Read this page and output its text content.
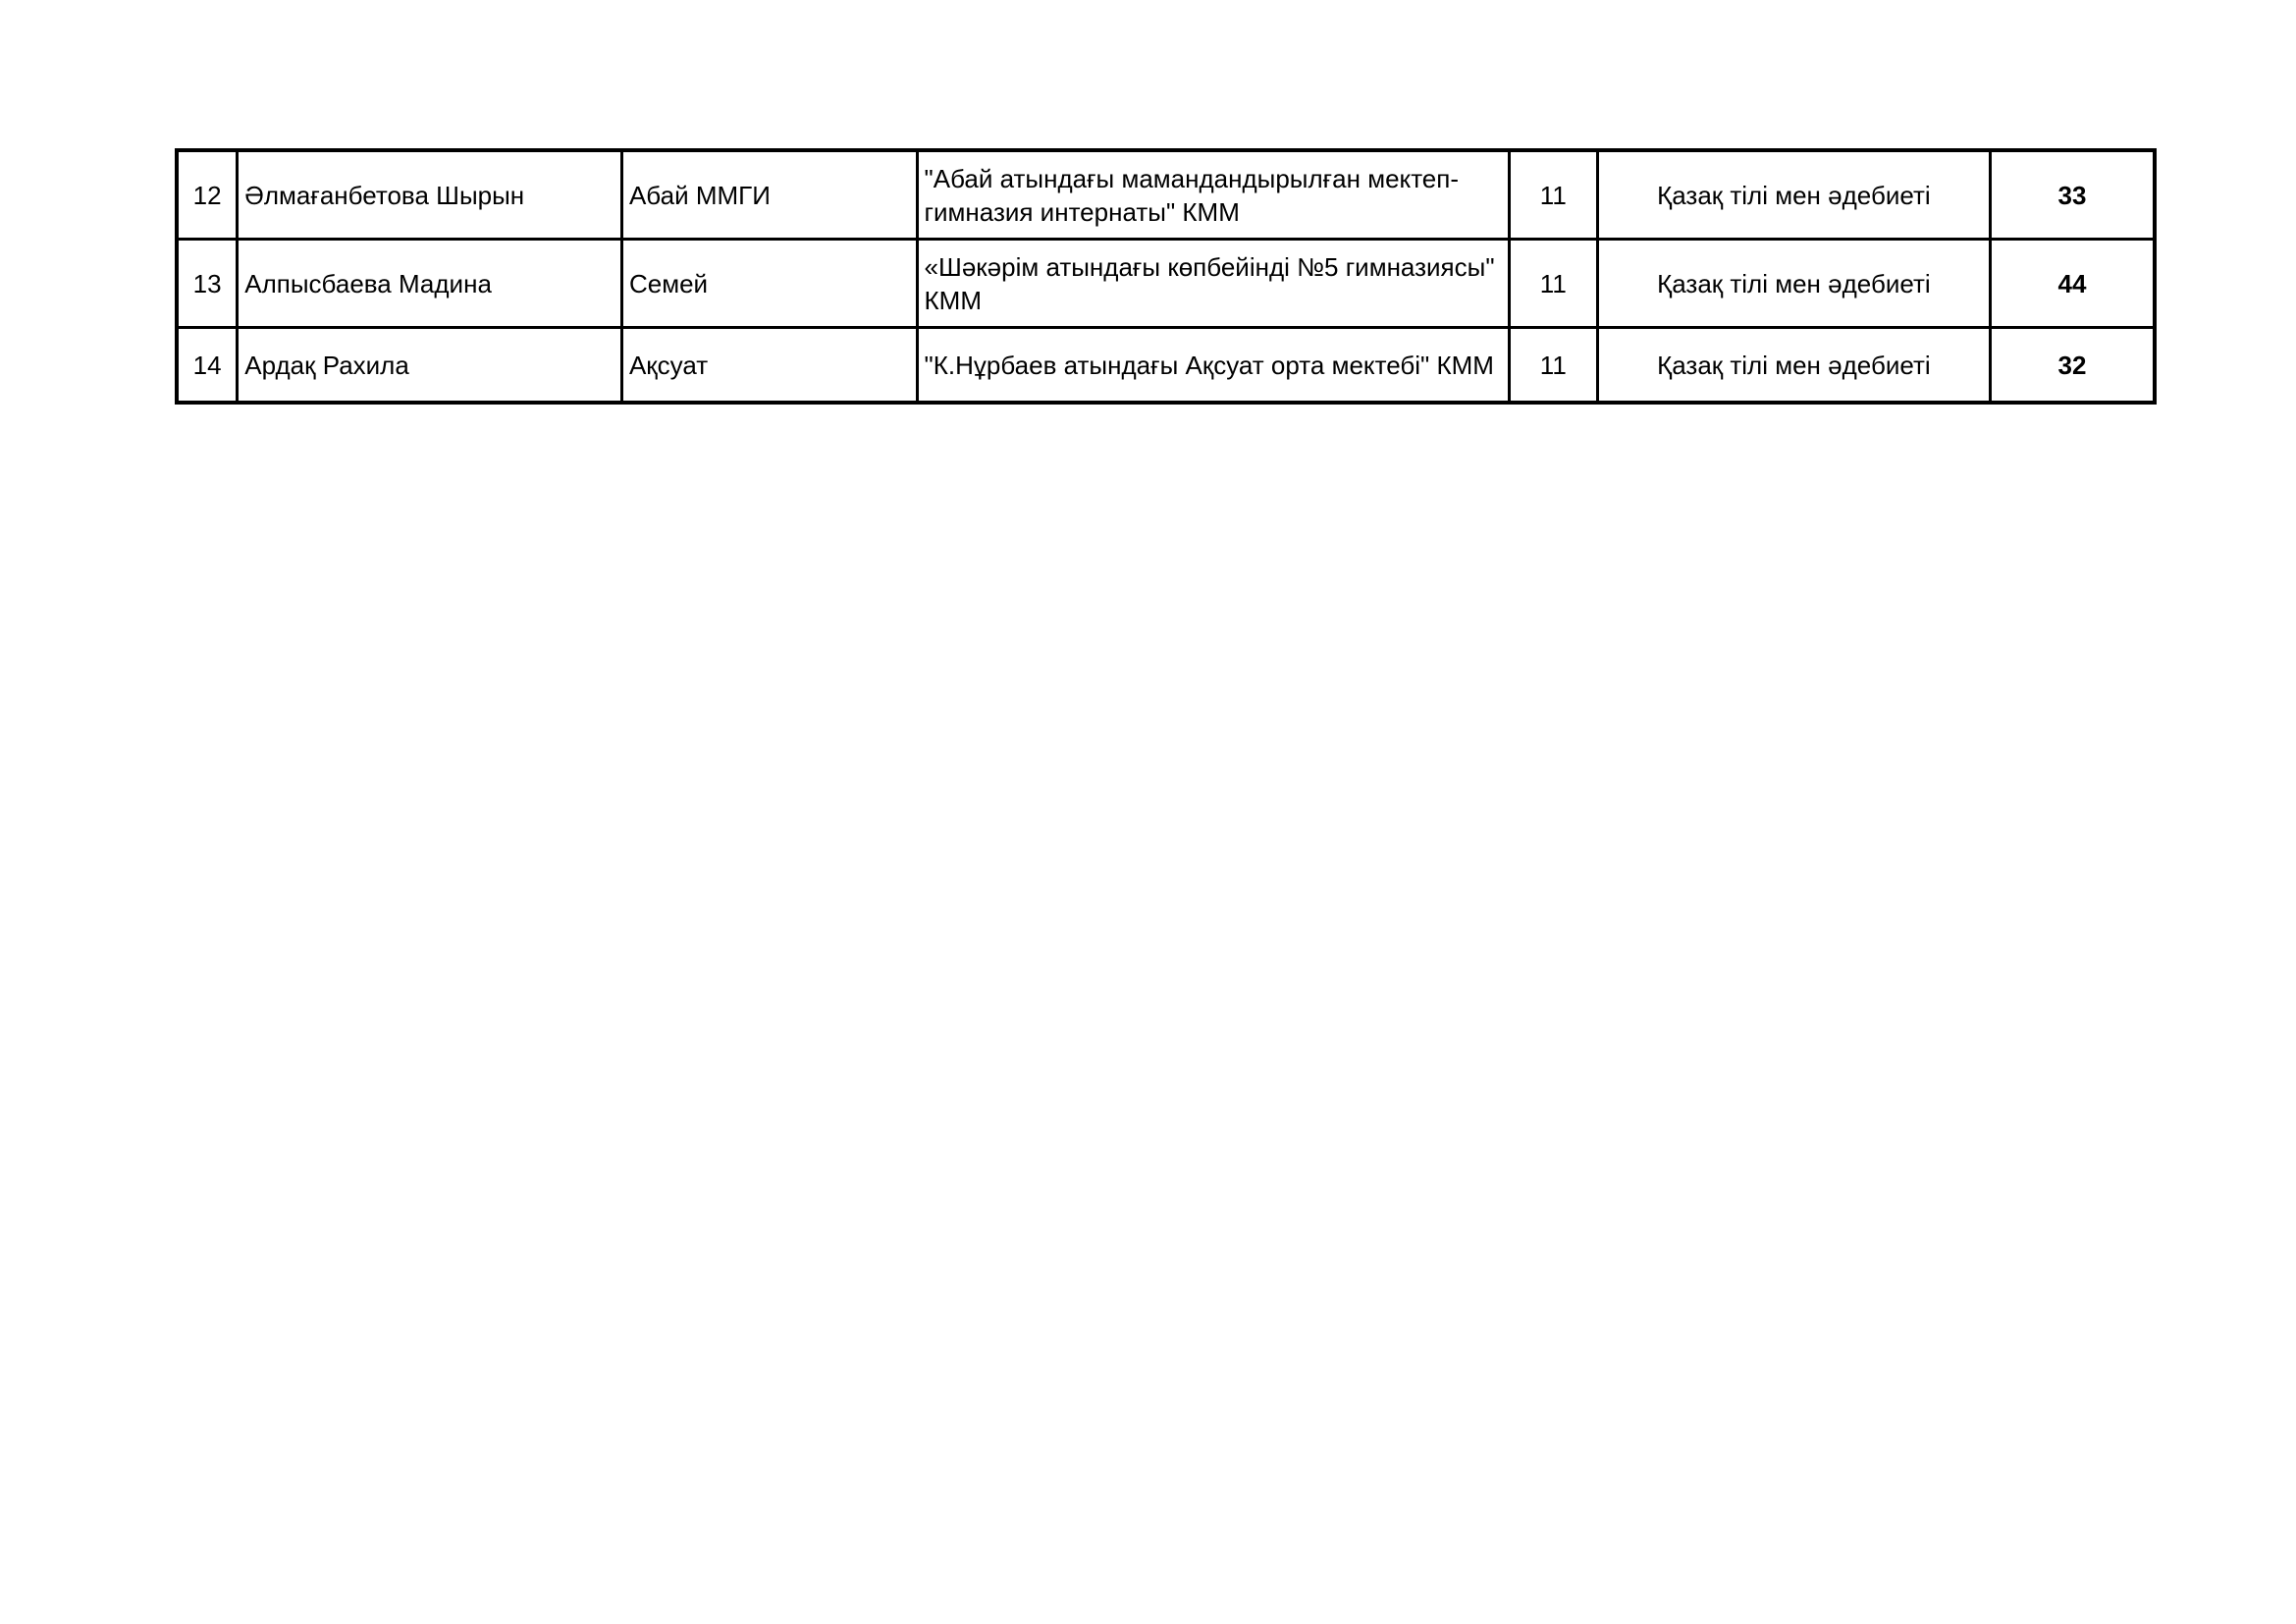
12	Әлмағанбетова Шырын	Абай ММГИ	"Абай атындағы мамандандырылған мектеп-гимназия интернаты" КММ	11	Қазақ тілі мен әдебиеті	33
13	Алпысбаева Мадина	Семей	«Шәкәрім атындағы көпбейінді №5 гимназиясы" КММ	11	Қазақ тілі мен әдебиеті	44
14	Ардақ Рахила	Ақсуат	"К.Нұрбаев атындағы Ақсуат орта мектебі" КММ	11	Қазақ тілі мен әдебиеті	32
